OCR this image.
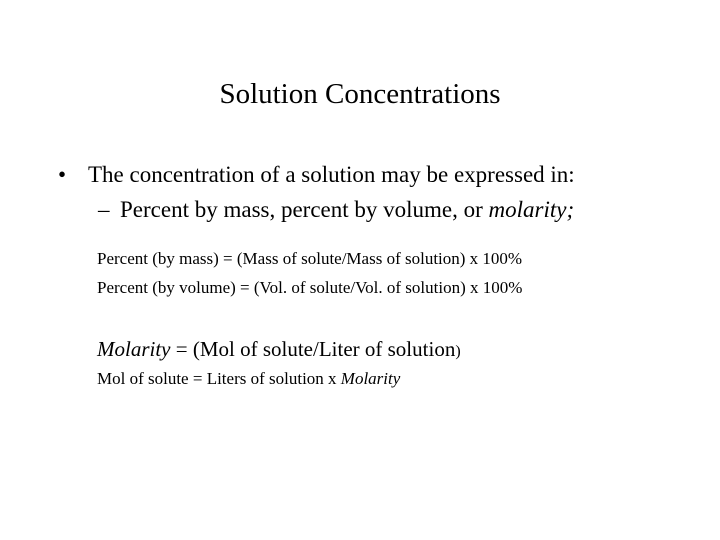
Solution Concentrations
• The concentration of a solution may be expressed in:
– Percent by mass, percent by volume, or molarity;
Percent (by mass) = (Mass of solute/Mass of solution) x 100%
Percent (by volume) = (Vol. of solute/Vol. of solution) x 100%
Molarity = (Mol of solute/Liter of solution)
Mol of solute = Liters of solution x Molarity
